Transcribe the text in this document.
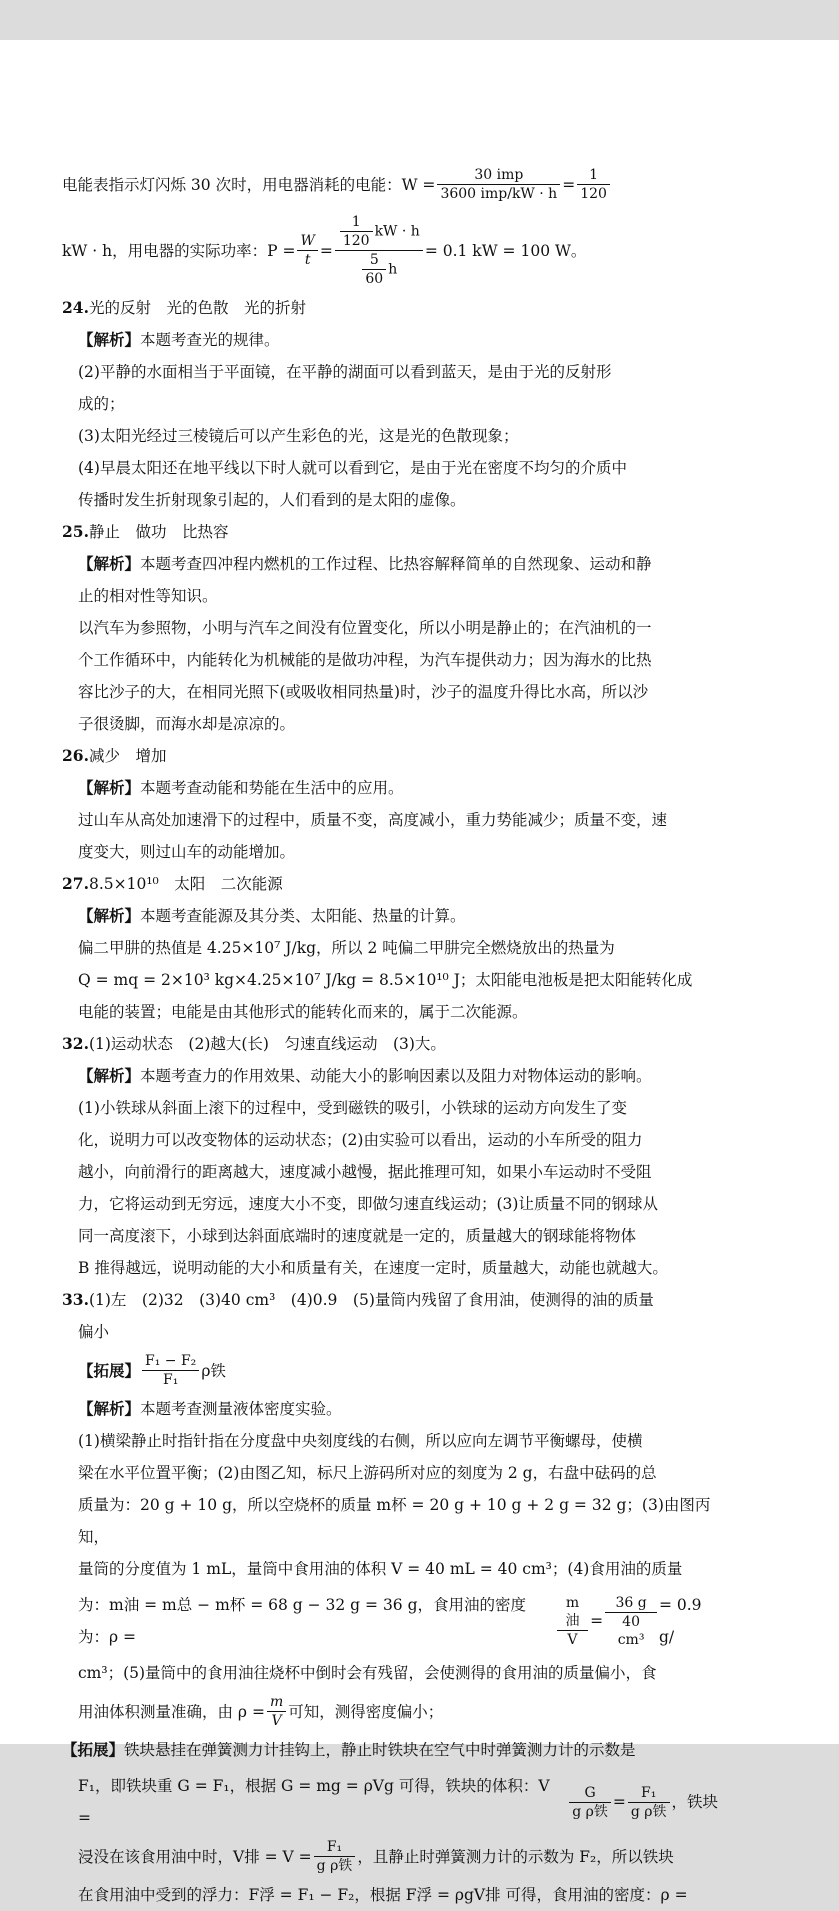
电能表指示灯闪烁 30 次时，用电器消耗的电能：$W = \frac{\text{30 imp}}{\text{3600 imp/kW · h}} = \frac{1}{120}$
kW · h，用电器的实际功率：$P = \frac{W}{t} = \frac{\frac{1}{120} kW \cdot h}{\frac{5}{60} h} = 0.1$ kW = 100 W。

24.光的反射　光的色散　光的折射

【解析】本题考查光的规律。

(2)平静的水面相当于平面镜，在平静的湖面可以看到蓝天，是由于光的反射形

成的；

(3)太阳光经过三棱镜后可以产生彩色的光，这是光的色散现象；

(4)早晨太阳还在地平线以下时人就可以看到它，是由于光在密度不均匀的介质中

传播时发生折射现象引起的，人们看到的是太阳的虚像。

25.静止　做功　比热容

【解析】本题考查四冲程内燃机的工作过程、比热容解释简单的自然现象、运动和静

止的相对性等知识。

以汽车为参照物，小明与汽车之间没有位置变化，所以小明是静止的；在汽油机的一

个工作循环中，内能转化为机械能的是做功冲程，为汽车提供动力；因为海水的比热

容比沙子的大，在相同光照下(或吸收相同热量)时，沙子的温度升得比水高，所以沙

子很烫脚，而海水却是凉凉的。

26.减少　增加

【解析】本题考查动能和势能在生活中的应用。

过山车从高处加速滑下的过程中，质量不变，高度减小，重力势能减少；质量不变，速

度变大，则过山车的动能增加。

27.8.5×10¹⁰　太阳　二次能源

【解析】本题考查能源及其分类、太阳能、热量的计算。

偏二甲肼的热值是 4.25×10⁷ J/kg，所以 2 吨偏二甲肼完全燃烧放出的热量为

Q = mq = 2×10³ kg×4.25×10⁷ J/kg = 8.5×10¹⁰ J；太阳能电池板是把太阳能转化成

电能的装置；电能是由其他形式的能转化而来的，属于二次能源。

32.(1)运动状态　(2)越大(长)　匀速直线运动　(3)大。

【解析】本题考查力的作用效果、动能大小的影响因素以及阻力对物体运动的影响。

(1)小铁球从斜面上滚下的过程中，受到磁铁的吸引，小铁球的运动方向发生了变

化，说明力可以改变物体的运动状态；(2)由实验可以看出，运动的小车所受的阻力

越小，向前滑行的距离越大，速度减小越慢，据此推理可知，如果小车运动时不受阻

力，它将运动到无穷远，速度大小不变，即做匀速直线运动；(3)让质量不同的钢球从

同一高度滚下，小球到达斜面底端时的速度就是一定的，质量越大的钢球能将物体

B 推得越远，说明动能的大小和质量有关，在速度一定时，质量越大，动能也就越大。

33.(1)左　(2)32　(3)40 cm³　(4)0.9　(5)量筒内残留了食用油，使测得的油的质量

偏小

【拓展】 $\frac{\text{F₁ − F₂}}{\text{F₁}}$ ρ铁

【解析】本题考查测量液体密度实验。

(1)横梁静止时指针指在分度盘中央刻度线的右侧，所以应向左调节平衡螺母，使横

梁在水平位置平衡；(2)由图乙知，标尺上游码所对应的刻度为 2 g，右盘中砝码的总

质量为：20 g + 10 g，所以空烧杯的质量 m杯 = 20 g + 10 g + 2 g = 32 g；(3)由图丙知，

量筒的分度值为 1 mL，量筒中食用油的体积 V = 40 mL = 40 cm³；(4)食用油的质量

为：m油 = m总 − m杯 = 68 g − 32 g = 36 g，食用油的密度为：ρ =	$\frac{\text{m油}}{V} = \frac{36 g}{\text{40 cm³}} = 0.9$ g/

cm³；(5)量筒中的食用油往烧杯中倒时会有残留，会使测得的食用油的质量偏小，食

用油体积测量准确，由 $\rho = \frac{m}{V}$ 可知，测得密度偏小；

【拓展】铁块悬挂在弹簧测力计挂钩上，静止时铁块在空气中时弹簧测力计的示数是

F₁，即铁块重 G = F₁，根据 G = mg = ρVg 可得，铁块的体积：V =	$\frac{G}{\text{g ρ铁}} = \frac{\text{F₁}}{\text{g ρ铁}}$ ，铁块
浸没在该食用油中时，V排 = $V = \frac{\text{F₁}}{\text{g ρ铁}}$ ，且静止时弹簧测力计的示数为 F₂，所以铁块

在食用油中受到的浮力：F浮 = F₁ − F₂，根据 F浮 = ρgV排 可得，食用油的密度：ρ =
